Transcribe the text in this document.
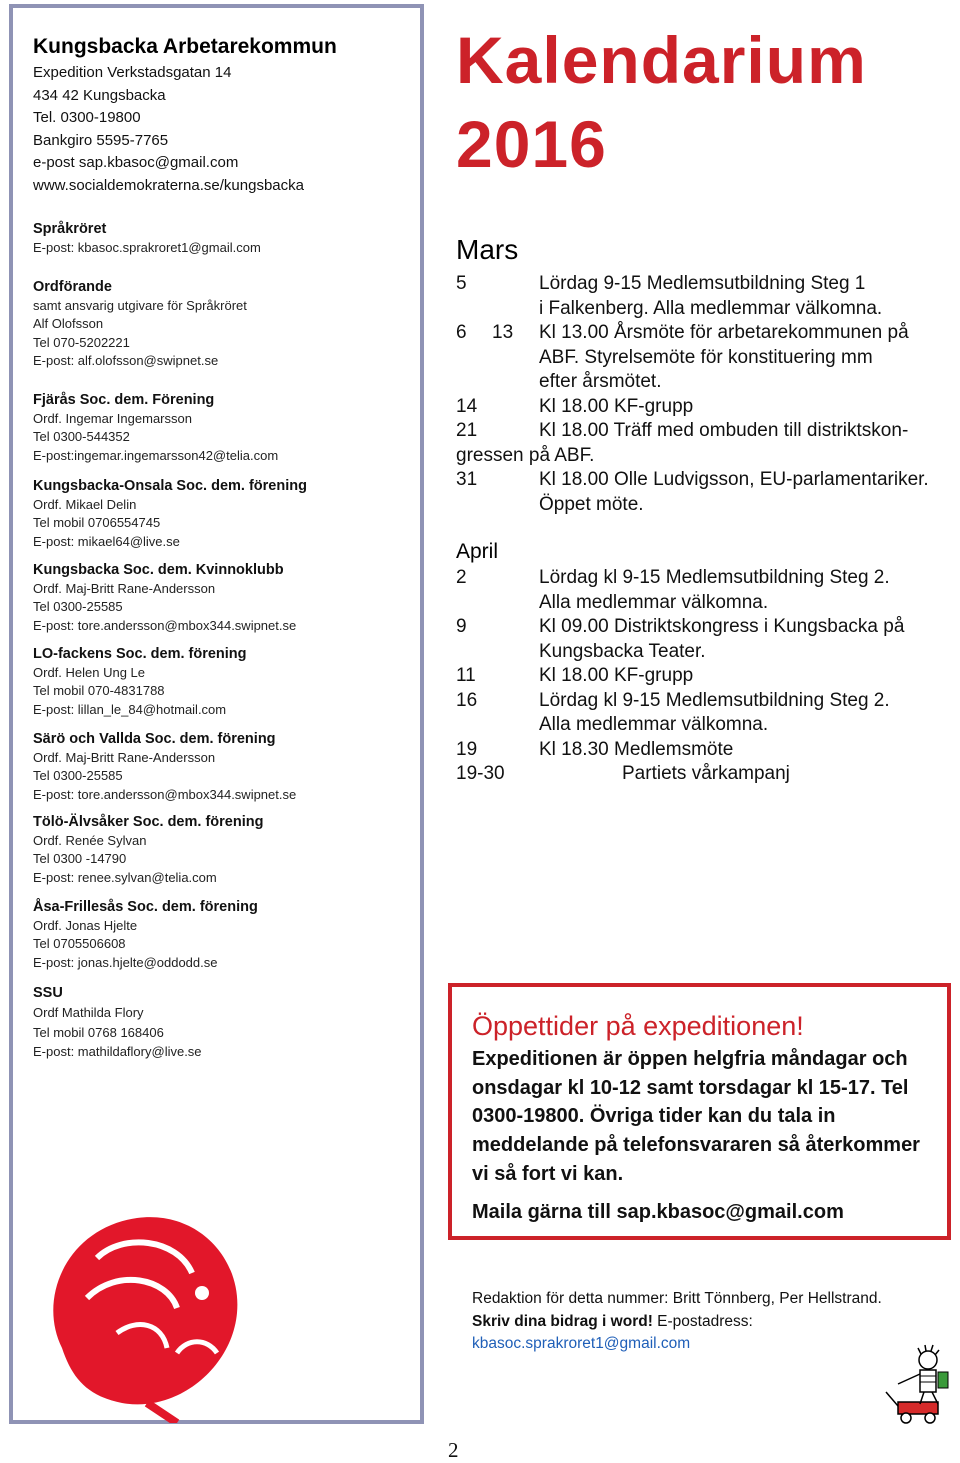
Kungsbacka Arbetarekommun
Expedition Verkstadsgatan 14
434 42 Kungsbacka
Tel. 0300-19800
Bankgiro 5595-7765
e-post sap.kbasoc@gmail.com
www.socialdemokraterna.se/kungsbacka
Språkröret
E-post: kbasoc.sprakroret1@gmail.com
Ordförande
samt ansvarig utgivare för Språkröret
Alf Olofsson
Tel 070-5202221
E-post: alf.olofsson@swipnet.se
Fjärås Soc. dem. Förening
Ordf. Ingemar Ingemarsson
Tel 0300-544352
E-post:ingemar.ingemarsson42@telia.com
Kungsbacka-Onsala Soc. dem. förening
Ordf. Mikael Delin
Tel mobil 0706554745
E-post: mikael64@live.se
Kungsbacka Soc. dem. Kvinnoklubb
Ordf. Maj-Britt Rane-Andersson
Tel 0300-25585
E-post: tore.andersson@mbox344.swipnet.se
LO-fackens Soc. dem. förening
Ordf. Helen Ung Le
Tel mobil 070-4831788
E-post: lillan_le_84@hotmail.com
Särö och Vallda Soc. dem. förening
Ordf. Maj-Britt Rane-Andersson
Tel 0300-25585
E-post: tore.andersson@mbox344.swipnet.se
Tölö-Älvsåker Soc. dem. förening
Ordf. Renée Sylvan
Tel 0300 -14790
E-post: renee.sylvan@telia.com
Åsa-Frillesås Soc. dem. förening
Ordf. Jonas Hjelte
Tel 0705506608
E-post: jonas.hjelte@oddodd.se
SSU
Ordf Mathilda Flory
Tel mobil 0768 168406
E-post: mathildaflory@live.se
Kalendarium
2016
Mars
5	Lördag 9-15 Medlemsutbildning Steg 1
i Falkenberg. Alla medlemmar välkomna.
6 13 Kl 13.00 Årsmöte för arbetarekommunen på
ABF. Styrelsemöte för konstituering mm
efter årsmötet.
14	Kl 18.00 KF-grupp
21	Kl 18.00 Träff med ombuden till distriktskon-
gressen på ABF.
31	Kl 18.00 Olle Ludvigsson, EU-parlamentariker.
Öppet möte.
April
2	Lördag kl 9-15 Medlemsutbildning Steg 2.
Alla medlemmar välkomna.
9	Kl 09.00 Distriktskongress i Kungsbacka på
Kungsbacka Teater.
11	Kl 18.00 KF-grupp
16	Lördag kl 9-15 Medlemsutbildning Steg 2.
Alla medlemmar välkomna.
19	Kl 18.30 Medlemsmöte
19-30	Partiets vårkampanj
Öppettider på expeditionen!
Expeditionen är öppen helgfria måndagar och onsdagar kl 10-12 samt torsdagar kl 15-17. Tel 0300-19800. Övriga tider kan du tala in meddelande på telefonsvararen så återkommer vi så fort vi kan.
Maila gärna till sap.kbasoc@gmail.com
Redaktion för detta nummer: Britt Tönnberg, Per Hellstrand.
Skriv dina bidrag i word! E-postadress:
kbasoc.sprakroret1@gmail.com
2
